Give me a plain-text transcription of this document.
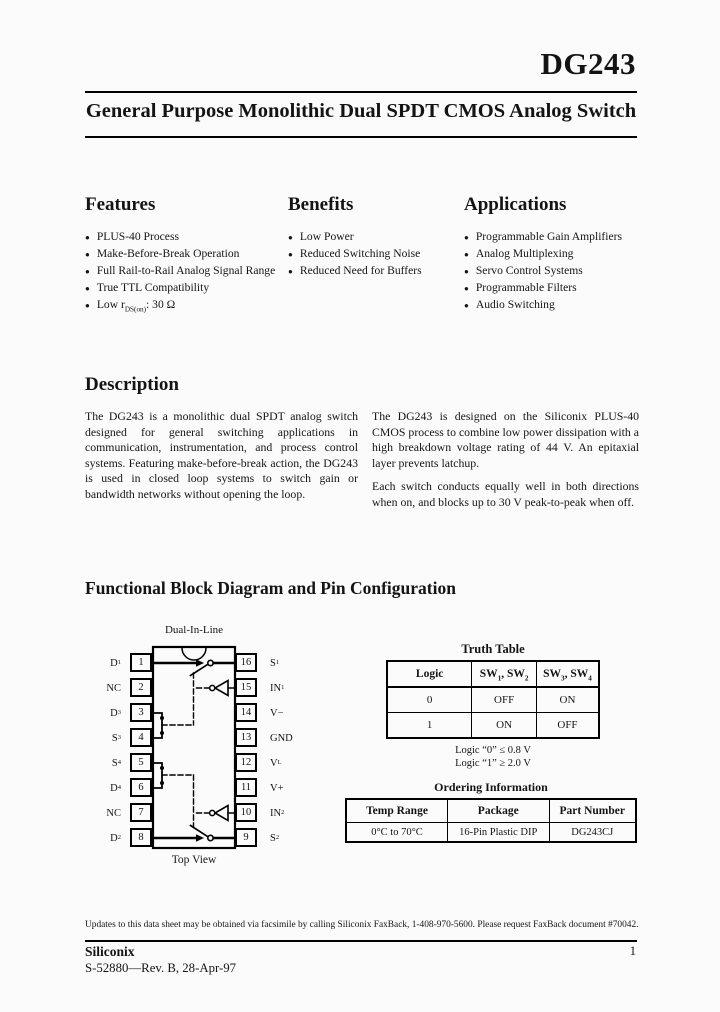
DG243
General Purpose Monolithic Dual SPDT CMOS Analog Switch
Features
● PLUS-40 Process
● Make-Before-Break Operation
● Full Rail-to-Rail Analog Signal Range
● True TTL Compatibility
● Low $r_{DS(on)}$: 30 Ω
Benefits
● Low Power
● Reduced Switching Noise
● Reduced Need for Buffers
Applications
● Programmable Gain Amplifiers
● Analog Multiplexing
● Servo Control Systems
● Programmable Filters
● Audio Switching
Description

The DG243 is a monolithic dual SPDT analog switch designed for general switching applications in communication, instrumentation, and process control systems. Featuring make-before-break action, the DG243 is used in closed loop systems to switch gain or bandwidth networks without opening the loop.

The DG243 is designed on the Siliconix PLUS-40 CMOS process to combine low power dissipation with a high breakdown voltage rating of 44 V. An epitaxial layer prevents latchup.

Each switch conducts equally well in both directions when on, and blocks up to 30 V peak-to-peak when off.

Functional Block Diagram and Pin Configuration
Dual-In-Line
D 1
NC
D 3
S 3
S 4
D 4
NC
D 2
1
2
3
4
5
6
7
8
16
15
14
13
12
11
10
9
S 1
IN 1
V−
GND
V L
V+
IN 2
S 2
Top View
Truth Table
Logic	$SW_1$, $SW_2$	$SW_3$, $SW_4$
0	OFF	ON
1	ON	OFF
Logic “0” ≤ 0.8 V
Logic “1” ≥ 2.0 V
Ordering Information
Temp Range	Package	Part Number
0°C to 70°C	16-Pin Plastic DIP	DG243CJ
Updates to this data sheet may be obtained via facsimile by calling Siliconix FaxBack, 1-408-970-5600. Please request FaxBack document #70042.
Siliconix	1
S-52880—Rev. B, 28-Apr-97
